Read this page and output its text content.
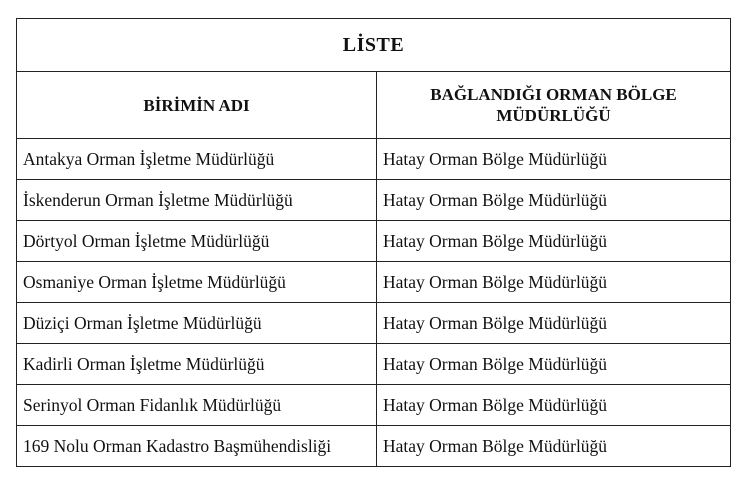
LİSTE	

BİRİMİN ADI	BAĞLANDIĞI ORMAN BÖLGE
MÜDÜRLÜĞÜ

Antakya Orman İşletme Müdürlüğü	Hatay Orman Bölge Müdürlüğü
İskenderun Orman İşletme Müdürlüğü	Hatay Orman Bölge Müdürlüğü
Dörtyol Orman İşletme Müdürlüğü	Hatay Orman Bölge Müdürlüğü
Osmaniye Orman İşletme Müdürlüğü	Hatay Orman Bölge Müdürlüğü
Düziçi Orman İşletme Müdürlüğü	Hatay Orman Bölge Müdürlüğü
Kadirli Orman İşletme Müdürlüğü	Hatay Orman Bölge Müdürlüğü
Serinyol Orman Fidanlık Müdürlüğü	Hatay Orman Bölge Müdürlüğü
169 Nolu Orman Kadastro Başmühendisliği	Hatay Orman Bölge Müdürlüğü
